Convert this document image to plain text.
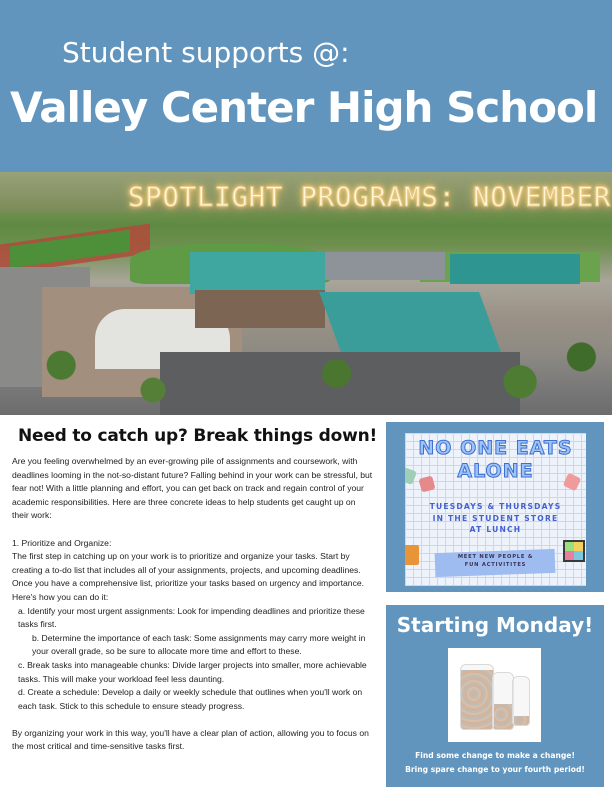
Student supports @:
Valley Center High School
SPOTLIGHT PROGRAMS: NOVEMBER
Need to catch up? Break things down!

Are you feeling overwhelmed by an ever-growing pile of assignments and coursework, with deadlines looming in the not-so-distant future? Falling behind in your work can be stressful, but fear not! With a little planning and effort, you can get back on track and regain control of your academic responsibilities. Here are three concrete ideas to help students get caught up on their work:

1. Prioritize and Organize:

The first step in catching up on your work is to prioritize and organize your tasks. Start by creating a to-do list that includes all of your assignments, projects, and upcoming deadlines. Once you have a comprehensive list, prioritize your tasks based on urgency and importance. Here's how you can do it:

a. Identify your most urgent assignments: Look for impending deadlines and prioritize these tasks first.

b. Determine the importance of each task: Some assignments may carry more weight in your overall grade, so be sure to allocate more time and effort to these.

c. Break tasks into manageable chunks: Divide larger projects into smaller, more achievable tasks. This will make your workload feel less daunting.

d. Create a schedule: Develop a daily or weekly schedule that outlines when you'll work on each task. Stick to this schedule to ensure steady progress.

By organizing your work in this way, you'll have a clear plan of action, allowing you to focus on the most critical and time-sensitive tasks first.

NO ONE EATS
ALONE
TUESDAYS & THURSDAYS
IN THE STUDENT STORE
AT LUNCH
MEET NEW PEOPLE &
FUN ACTIVITITES
Starting Monday!
Find some change to make a change!
Bring spare change to your fourth period!
